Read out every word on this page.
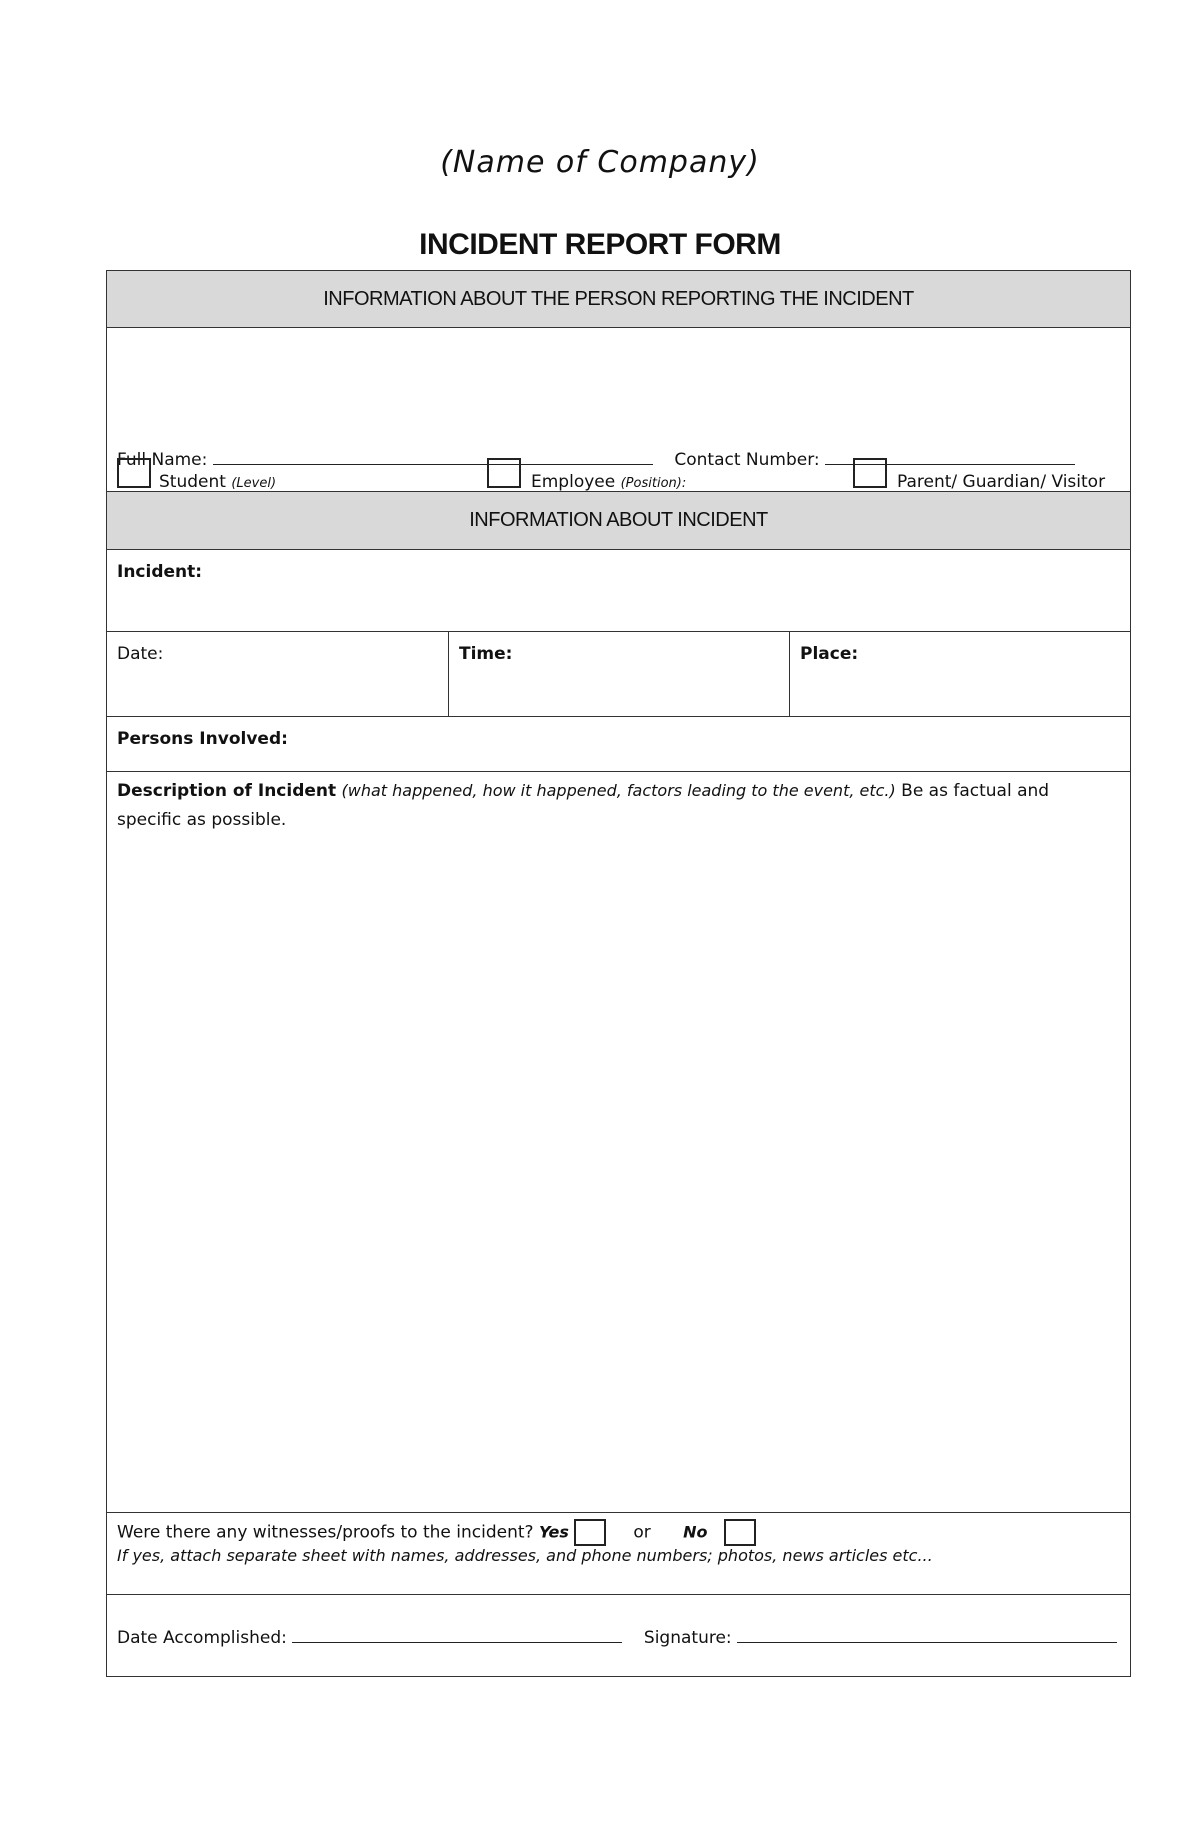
(Name of Company)
INCIDENT REPORT FORM
INFORMATION ABOUT THE PERSON REPORTING THE INCIDENT
Full Name:	Contact Number:
Student (Level)	Employee (Position):	Parent/ Guardian/ Visitor
INFORMATION ABOUT INCIDENT
Incident:
Date:	Time:	Place:
Persons Involved:
Description of Incident (what happened, how it happened, factors leading to the event, etc.) Be as factual and specific as possible.
Were there any witnesses/proofs to the incident? Yes	or No
If yes, attach separate sheet with names, addresses, and phone numbers; photos, news articles etc...
Date Accomplished:	Signature:
